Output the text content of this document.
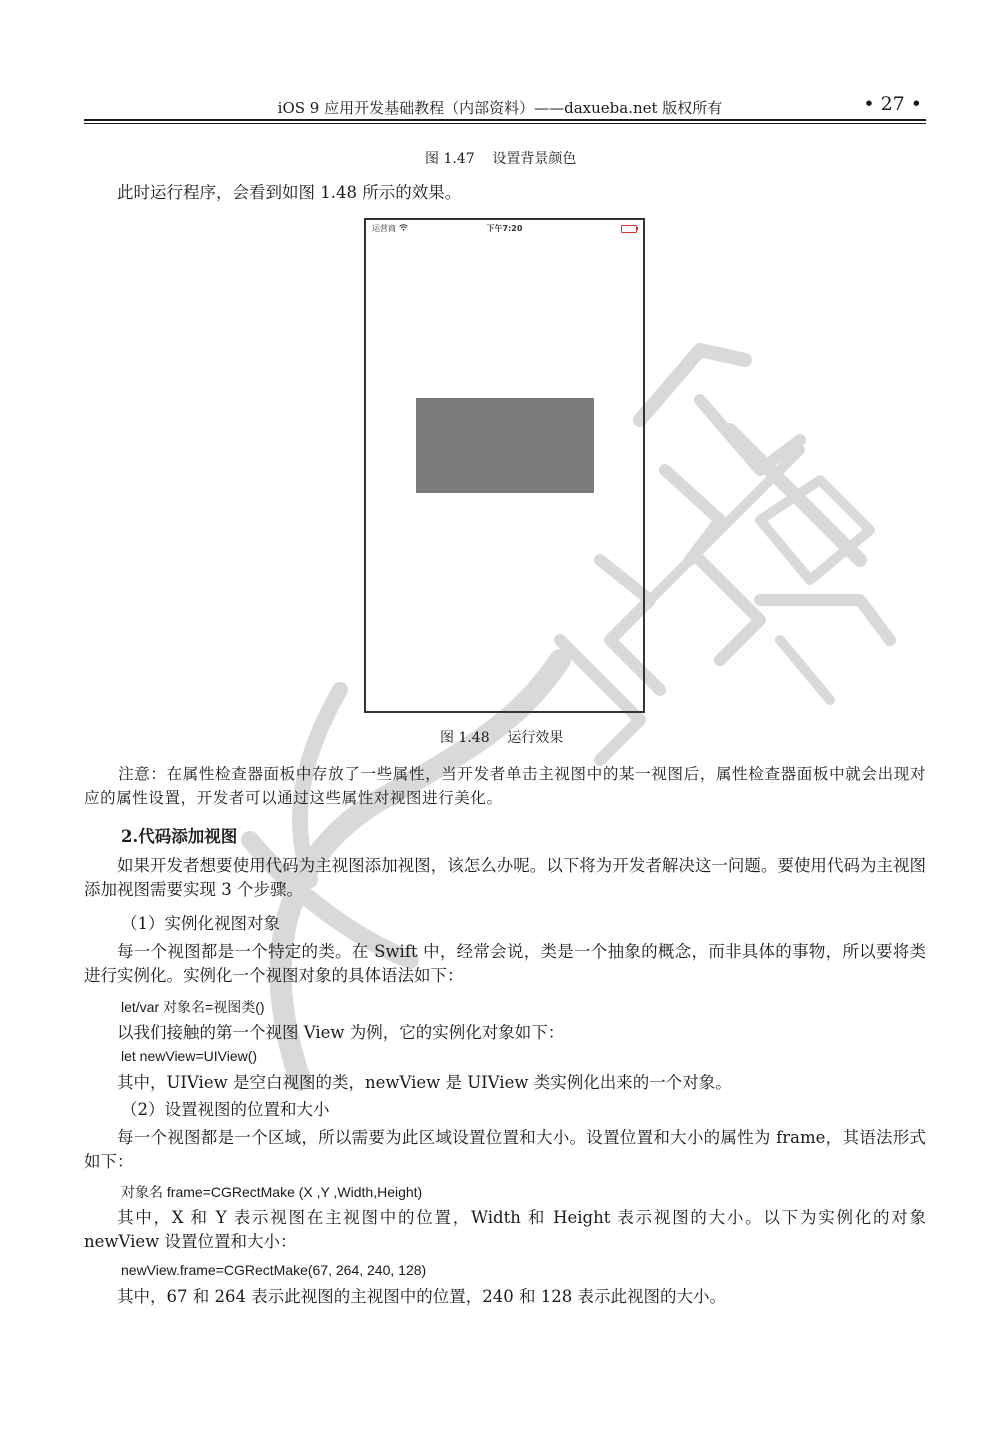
iOS 9 应用开发基础教程（内部资料）——daxueba.net 版权所有	• 27 •
图 1.47    设置背景颜色
此时运行程序，会看到如图 1.48 所示的效果。
运营商	下午7:20
图 1.48    运行效果
注意：在属性检查器面板中存放了一些属性，当开发者单击主视图中的某一视图后，属性检查器面板中就会出现对应的属性设置，开发者可以通过这些属性对视图进行美化。
2.代码添加视图
如果开发者想要使用代码为主视图添加视图，该怎么办呢。以下将为开发者解决这一问题。要使用代码为主视图添加视图需要实现 3 个步骤。
（1）实例化视图对象
每一个视图都是一个特定的类。在 Swift 中，经常会说，类是一个抽象的概念，而非具体的事物，所以要将类进行实例化。实例化一个视图对象的具体语法如下：
let/var 对象名=视图类()
以我们接触的第一个视图 View 为例，它的实例化对象如下：
let newView=UIView()
其中，UIView 是空白视图的类，newView 是 UIView 类实例化出来的一个对象。
（2）设置视图的位置和大小
每一个视图都是一个区域，所以需要为此区域设置位置和大小。设置位置和大小的属性为 frame，其语法形式如下：
对象名 frame=CGRectMake (X ,Y ,Width,Height)
其中，X 和 Y 表示视图在主视图中的位置，Width 和 Height 表示视图的大小。以下为实例化的对象 newView 设置位置和大小：
newView.frame=CGRectMake(67, 264, 240, 128)
其中，67 和 264 表示此视图的主视图中的位置，240 和 128 表示此视图的大小。
